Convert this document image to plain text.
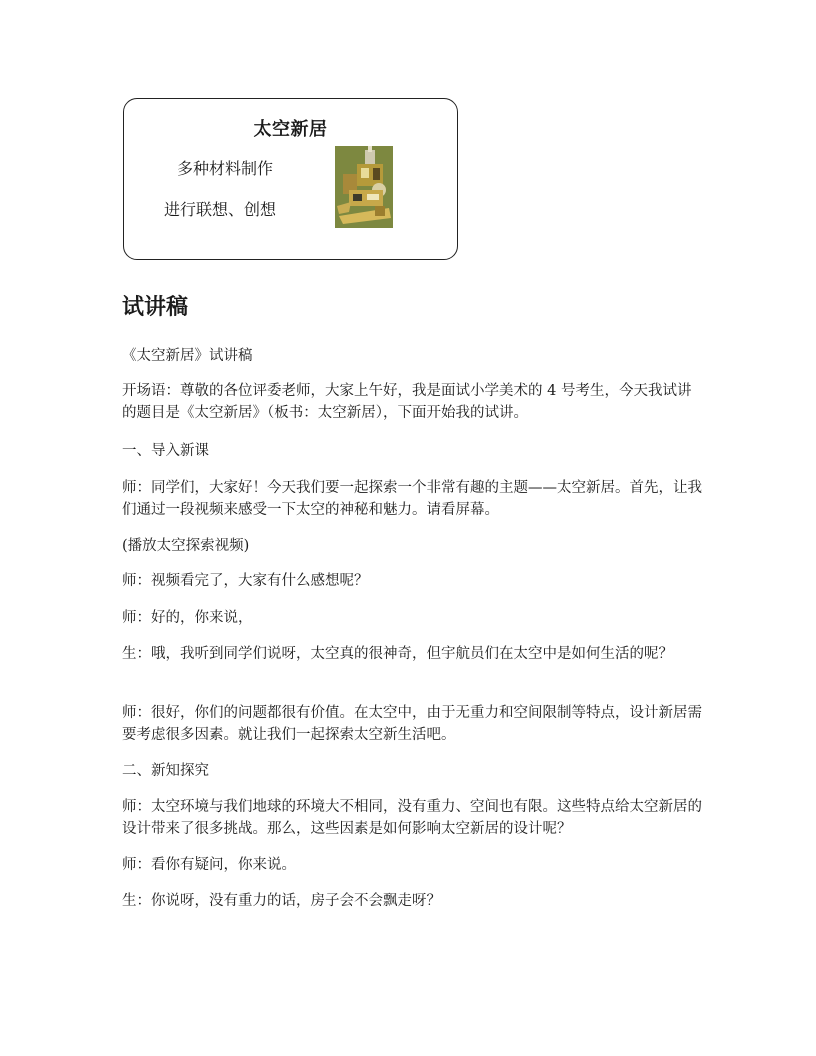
太空新居
多种材料制作
进行联想、创想
试讲稿

《太空新居》试讲稿

开场语：尊敬的各位评委老师，大家上午好，我是面试小学美术的 4 号考生，今天我试讲的题目是《太空新居》（板书：太空新居），下面开始我的试讲。

一、导入新课

师：同学们，大家好！今天我们要一起探索一个非常有趣的主题——太空新居。首先，让我们通过一段视频来感受一下太空的神秘和魅力。请看屏幕。

(播放太空探索视频)

师：视频看完了，大家有什么感想呢？

师：好的，你来说，

生：哦，我听到同学们说呀，太空真的很神奇，但宇航员们在太空中是如何生活的呢？

师：很好，你们的问题都很有价值。在太空中，由于无重力和空间限制等特点，设计新居需要考虑很多因素。就让我们一起探索太空新生活吧。

二、新知探究

师：太空环境与我们地球的环境大不相同，没有重力、空间也有限。这些特点给太空新居的设计带来了很多挑战。那么，这些因素是如何影响太空新居的设计呢？

师：看你有疑问，你来说。

生：你说呀，没有重力的话，房子会不会飘走呀？
